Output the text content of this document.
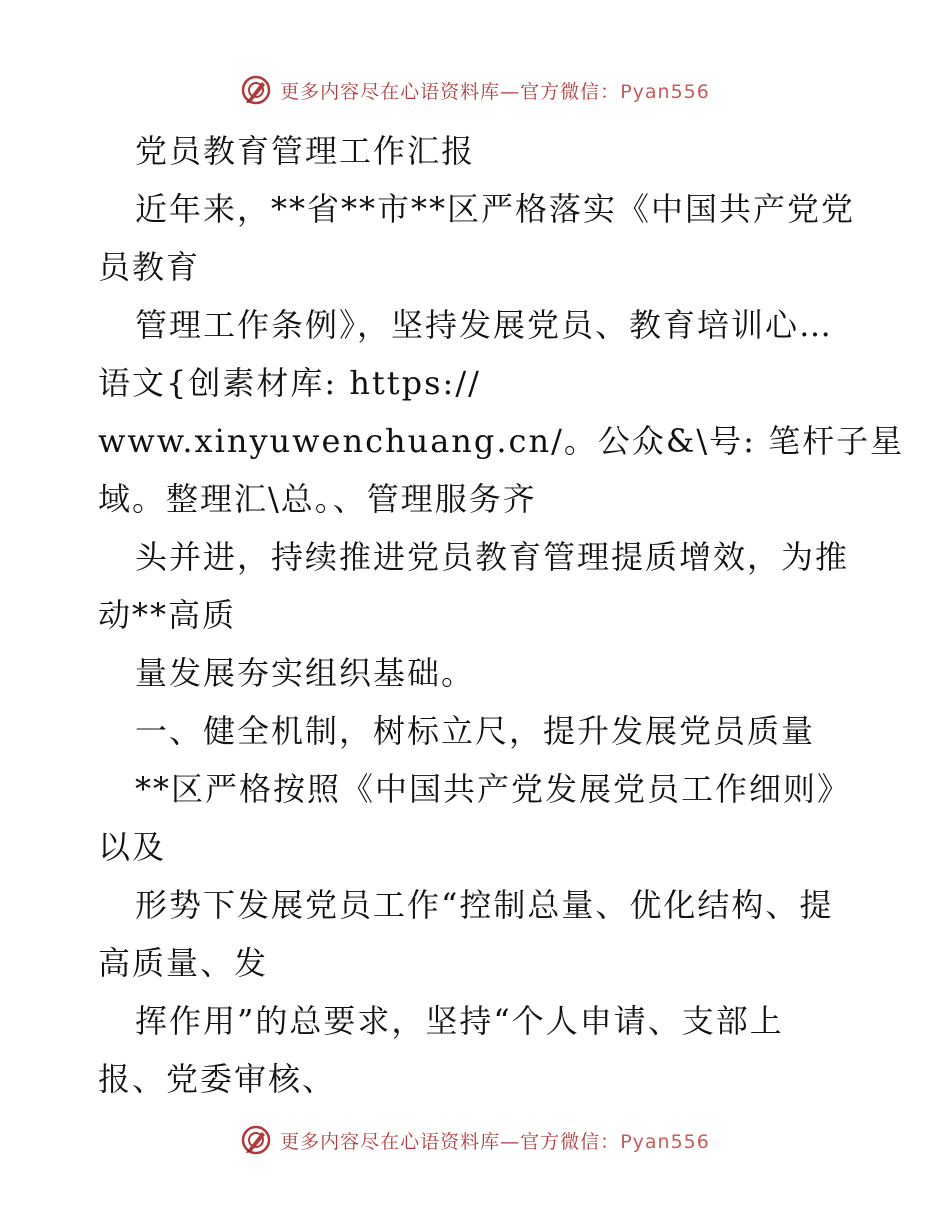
更多内容尽在心语资料库—官方微信：Pyan556
党员教育管理工作汇报
近年来，**省**市**区严格落实《中国共产党党
员教育
管理工作条例》，坚持发展党员、教育培训心…
语文{创素材库: https://
www.xinyuwenchuang.cn/。公众&\号: 笔杆子星
域。整理汇\总。、管理服务齐
头并进，持续推进党员教育管理提质增效，为推
动**高质
量发展夯实组织基础。
一、健全机制，树标立尺，提升发展党员质量
**区严格按照《中国共产党发展党员工作细则》
以及
形势下发展党员工作“控制总量、优化结构、提
高质量、发
挥作用”的总要求，坚持“个人申请、支部上
报、党委审核、
更多内容尽在心语资料库—官方微信：Pyan556
